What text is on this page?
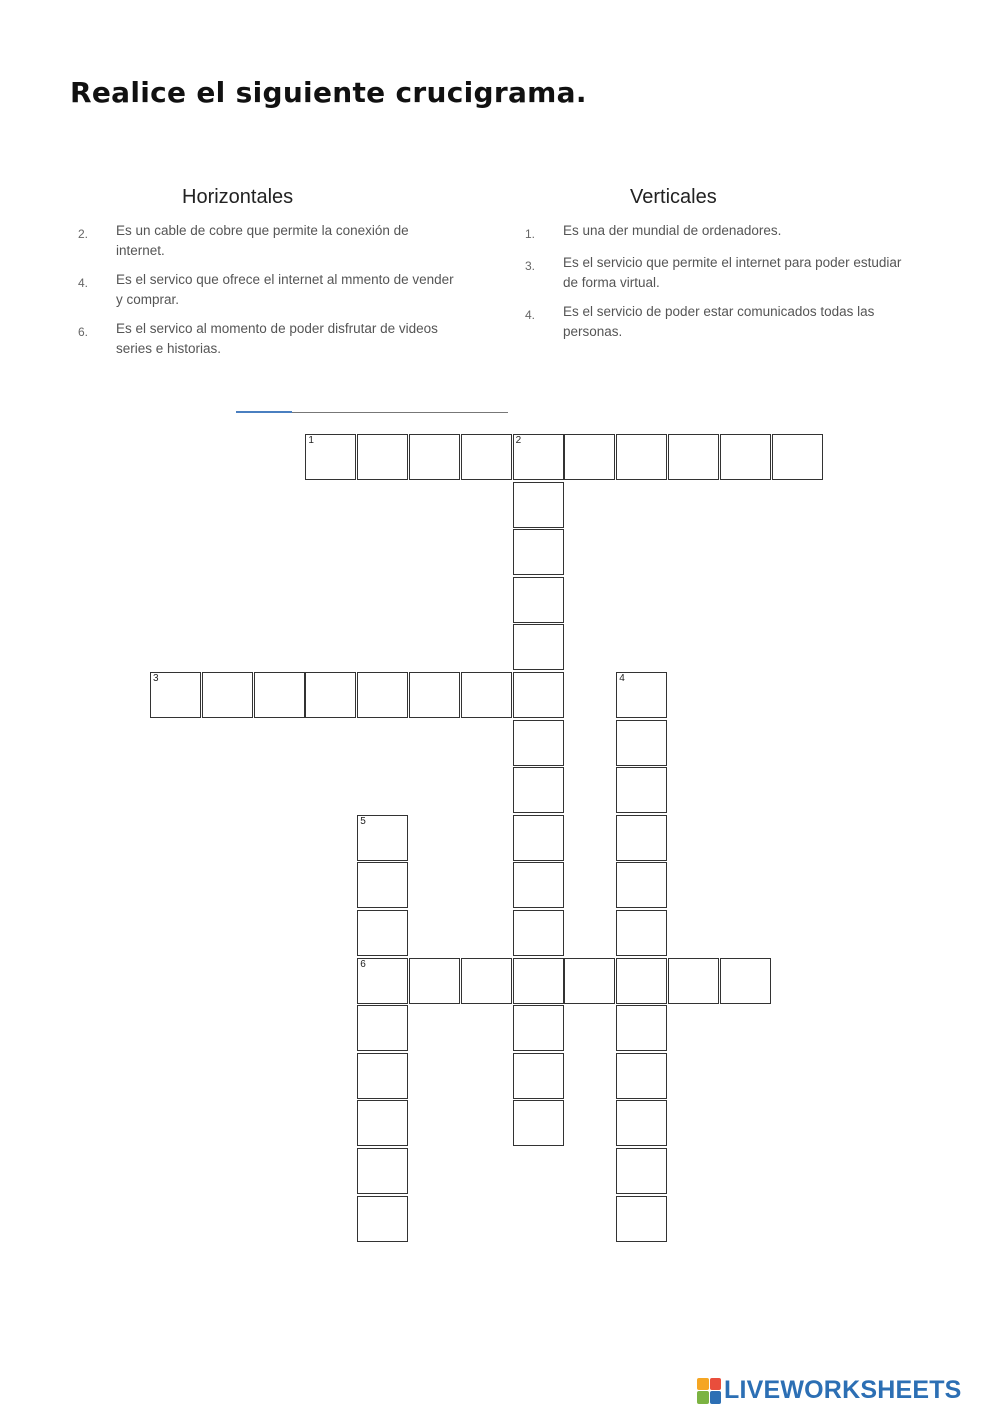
Realice el siguiente crucigrama.
Horizontales
2.	Es un cable de cobre que permite la conexión de internet.
4.	Es el servico que ofrece el internet al mmento de vender y comprar.
6.	Es el servico al momento de poder disfrutar de videos series e historias.
Verticales
1.	Es una der mundial de ordenadores.
3.	Es el servicio que permite el internet para poder estudiar de forma virtual.
4.	Es el servicio de poder estar comunicados todas las personas.
1	2
3	4
5
6
LIVEWORKSHEETS
